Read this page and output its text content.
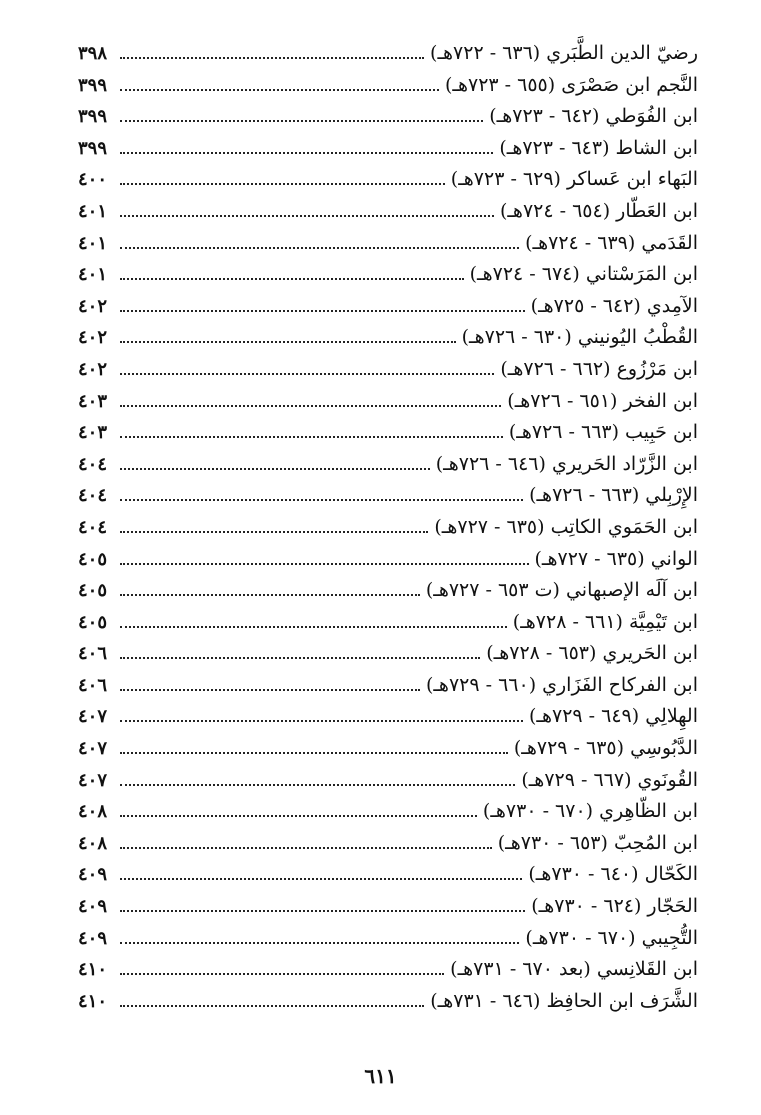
رضيّ الدين الطَّبَري (٦٣٦ - ٧٢٢هـ)
٣٩٨
النَّجم ابن صَصْرَى (٦٥٥ - ٧٢٣هـ)
٣٩٩
ابن الفُوَطي (٦٤٢ - ٧٢٣هـ)
٣٩٩
ابن الشاط (٦٤٣ - ٧٢٣هـ)
٣٩٩
البَهاء ابن عَساكر (٦٢٩ - ٧٢٣هـ)
٤٠٠
ابن العَطّار (٦٥٤ - ٧٢٤هـ)
٤٠١
القَدَمي (٦٣٩ - ٧٢٤هـ)
٤٠١
ابن المَرَسْتاني (٦٧٤ - ٧٢٤هـ)
٤٠١
الآمِدي (٦٤٢ - ٧٢٥هـ)
٤٠٢
القُطْبُ اليُونيني (٦٣٠ - ٧٢٦هـ)
٤٠٢
ابن مَرْزُوع (٦٦٢ - ٧٢٦هـ)
٤٠٢
ابن الفخر (٦٥١ - ٧٢٦هـ)
٤٠٣
ابن حَبِيب (٦٦٣ - ٧٢٦هـ)
٤٠٣
ابن الزَّرّاد الحَريري (٦٤٦ - ٧٢٦هـ)
٤٠٤
الإِرْبِلي (٦٦٣ - ٧٢٦هـ)
٤٠٤
ابن الحَمَوي الكاتِب (٦٣٥ - ٧٢٧هـ)
٤٠٤
الواني (٦٣٥ - ٧٢٧هـ)
٤٠٥
ابن آلَه الإصبهاني (ت ٦٥٣ - ٧٢٧هـ)
٤٠٥
ابن تَيْمِيَّة (٦٦١ - ٧٢٨هـ)
٤٠٥
ابن الحَريري (٦٥٣ - ٧٢٨هـ)
٤٠٦
ابن الفركاح الفَزَاري (٦٦٠ - ٧٢٩هـ)
٤٠٦
الهِلالِي (٦٤٩ - ٧٢٩هـ)
٤٠٧
الدَّبُوسِي (٦٣٥ - ٧٢٩هـ)
٤٠٧
القُونَوي (٦٦٧ - ٧٢٩هـ)
٤٠٧
ابن الظّاهِري (٦٧٠ - ٧٣٠هـ)
٤٠٨
ابن المُحِبّ (٦٥٣ - ٧٣٠هـ)
٤٠٨
الكَحّال (٦٤٠ - ٧٣٠هـ)
٤٠٩
الحَجّار (٦٢٤ - ٧٣٠هـ)
٤٠٩
التُّجِيبي (٦٧٠ - ٧٣٠هـ)
٤٠٩
ابن القَلانِسي (بعد ٦٧٠ - ٧٣١هـ)
٤١٠
الشَّرَف ابن الحافِظ (٦٤٦ - ٧٣١هـ)
٤١٠
٦١١
